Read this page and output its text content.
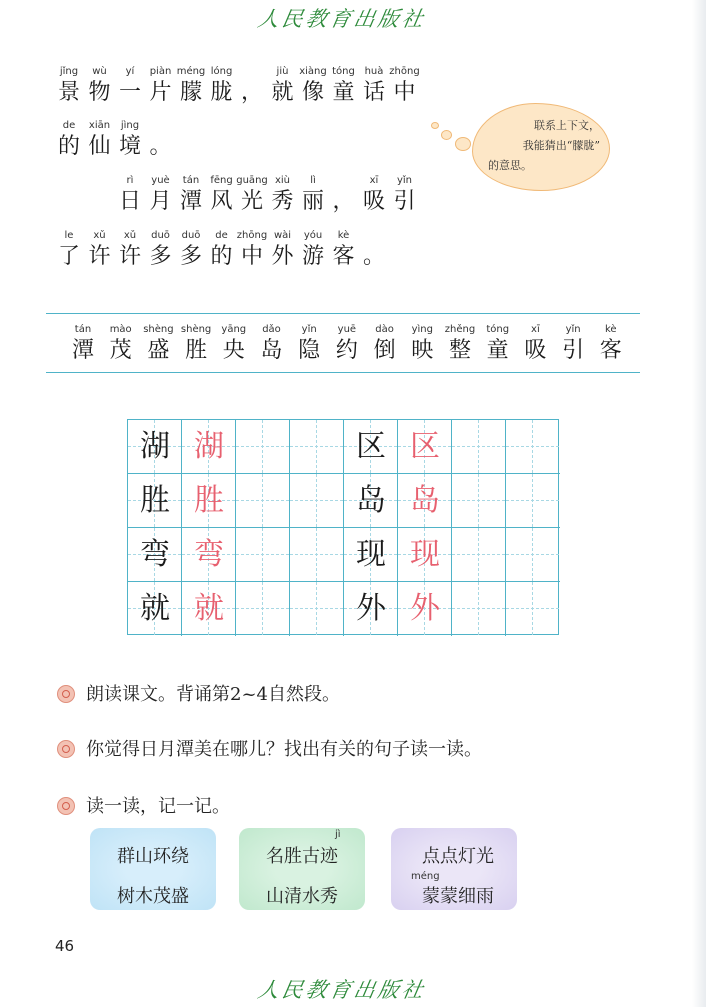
人民教育出版社
jǐng
景
wù
物
yí
一
piàn
片
méng
朦
lóng
胧 ，
jiù
就
xiàng
像
tóng
童
huà
话
zhōng
中
de
的
xiān
仙
jìng
境 。
rì
日
yuè
月
tán
潭
fēng
风
guāng
光
xiù
秀
lì
丽 ，
xī
吸
yǐn
引
le
了
xǔ
许
xǔ
许
duō
多
duō
多
de
的
zhōng
中
wài
外
yóu
游
kè
客 。
联系上下文，
我能猜出“朦胧”
的意思。
tán
潭
mào
茂
shèng
盛
shèng
胜
yāng
央
dǎo
岛
yǐn
隐
yuē
约
dào
倒
yìng
映
zhěng
整
tóng
童
xī
吸
yǐn
引
kè
客
湖 湖	区 区
胜 胜	岛 岛
弯 弯	现 现
就 就	外 外
朗读课文。背诵第2~4自然段。
你觉得日月潭美在哪儿？找出有关的句子读一读。
读一读，记一记。
群山环绕
树木茂盛
jì
名胜古迹
山清水秀
点点灯光
méng
蒙蒙细雨
46
人民教育出版社
